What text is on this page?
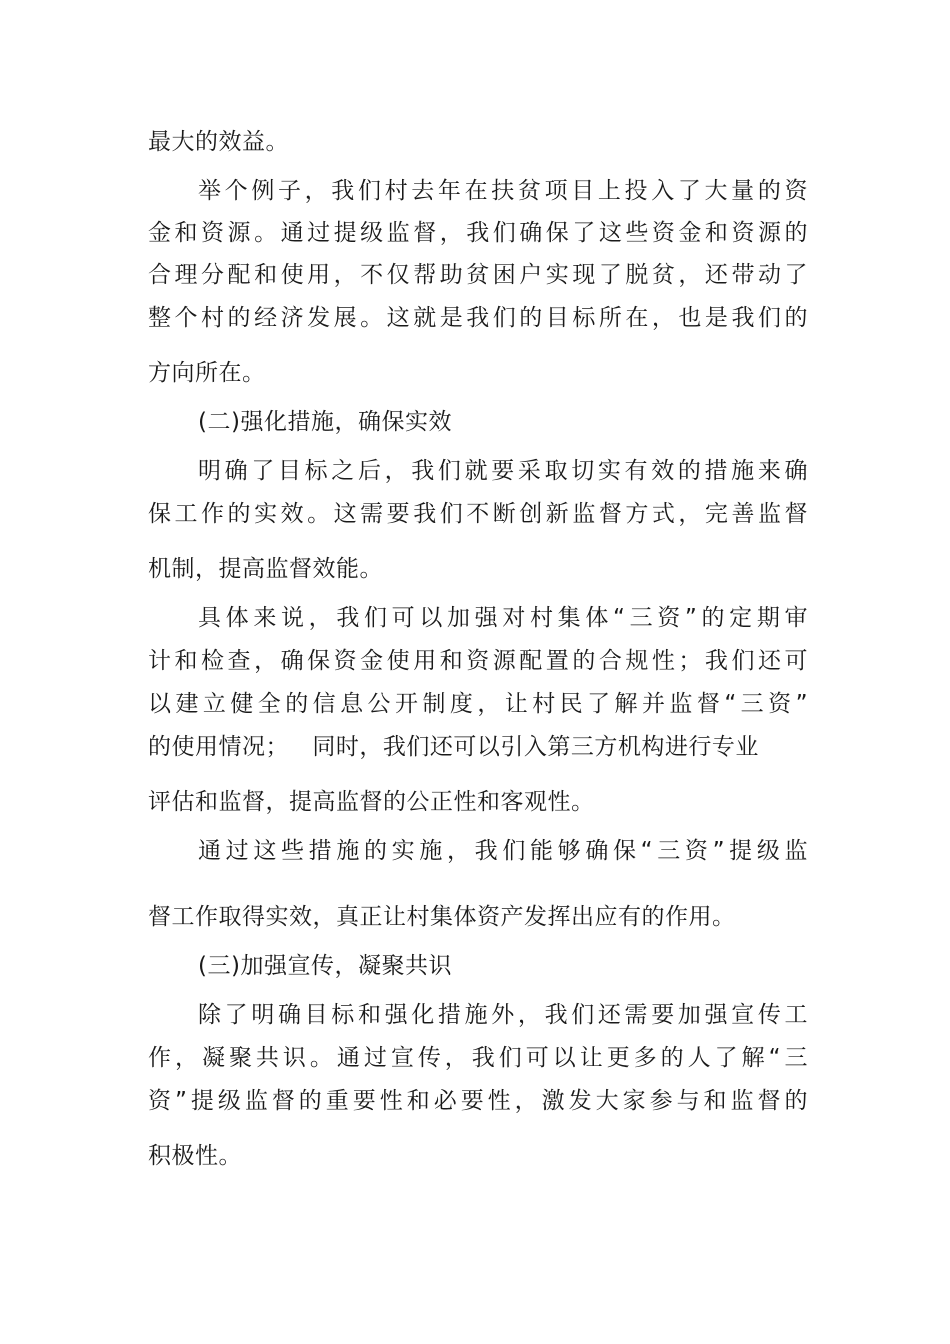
最大的效益。
举个例子，我们村去年在扶贫项目上投入了大量的资
金和资源。通过提级监督，我们确保了这些资金和资源的
合理分配和使用，不仅帮助贫困户实现了脱贫，还带动了
整个村的经济发展。这就是我们的目标所在，也是我们的
方向所在。
(二)强化措施，确保实效
明确了目标之后，我们就要采取切实有效的措施来确
保工作的实效。这需要我们不断创新监督方式，完善监督
机制，提高监督效能。
具体来说，我们可以加强对村集体“三资”的定期审
计和检查，确保资金使用和资源配置的合规性；我们还可
以建立健全的信息公开制度，让村民了解并监督“三资”
的使用情况；   同时，我们还可以引入第三方机构进行专业
评估和监督，提高监督的公正性和客观性。
通过这些措施的实施，我们能够确保“三资”提级监
督工作取得实效，真正让村集体资产发挥出应有的作用。
(三)加强宣传，凝聚共识
除了明确目标和强化措施外，我们还需要加强宣传工
作，凝聚共识。通过宣传，我们可以让更多的人了解“三
资”提级监督的重要性和必要性，激发大家参与和监督的
积极性。
